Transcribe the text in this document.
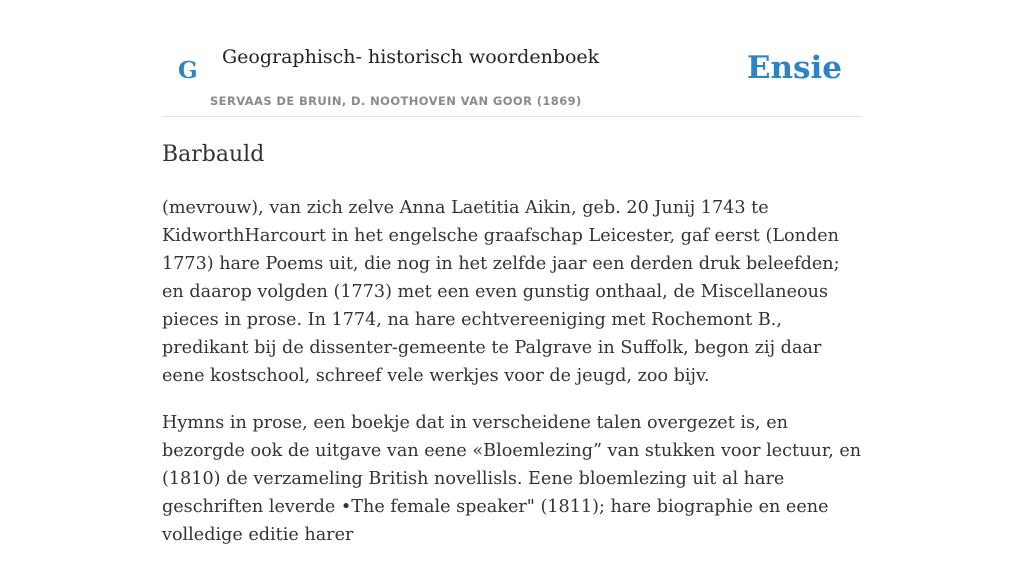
G Geographisch- historisch woordenboek
SERVAAS DE BRUIN, D. NOOTHOVEN VAN GOOR (1869)
Ensie
Barbauld

(mevrouw), van zich zelve Anna Laetitia Aikin, geb. 20 Junij 1743 te KidworthHarcourt in het engelsche graafschap Leicester, gaf eerst (Londen 1773) hare Poems uit, die nog in het zelfde jaar een derden druk beleefden; en daarop volgden (1773) met een even gunstig onthaal, de Miscellaneous pieces in prose. In 1774, na hare echtvereeniging met Rochemont B., predikant bij de dissenter-gemeente te Palgrave in Suffolk, begon zij daar eene kostschool, schreef vele werkjes voor de jeugd, zoo bijv.

Hymns in prose, een boekje dat in verscheidene talen overgezet is, en bezorgde ook de uitgave van eene «Bloemlezing” van stukken voor lectuur, en (1810) de verzameling British novellisls. Eene bloemlezing uit al hare geschriften leverde •The female speaker" (1811); hare biographie en eene volledige editie harer
